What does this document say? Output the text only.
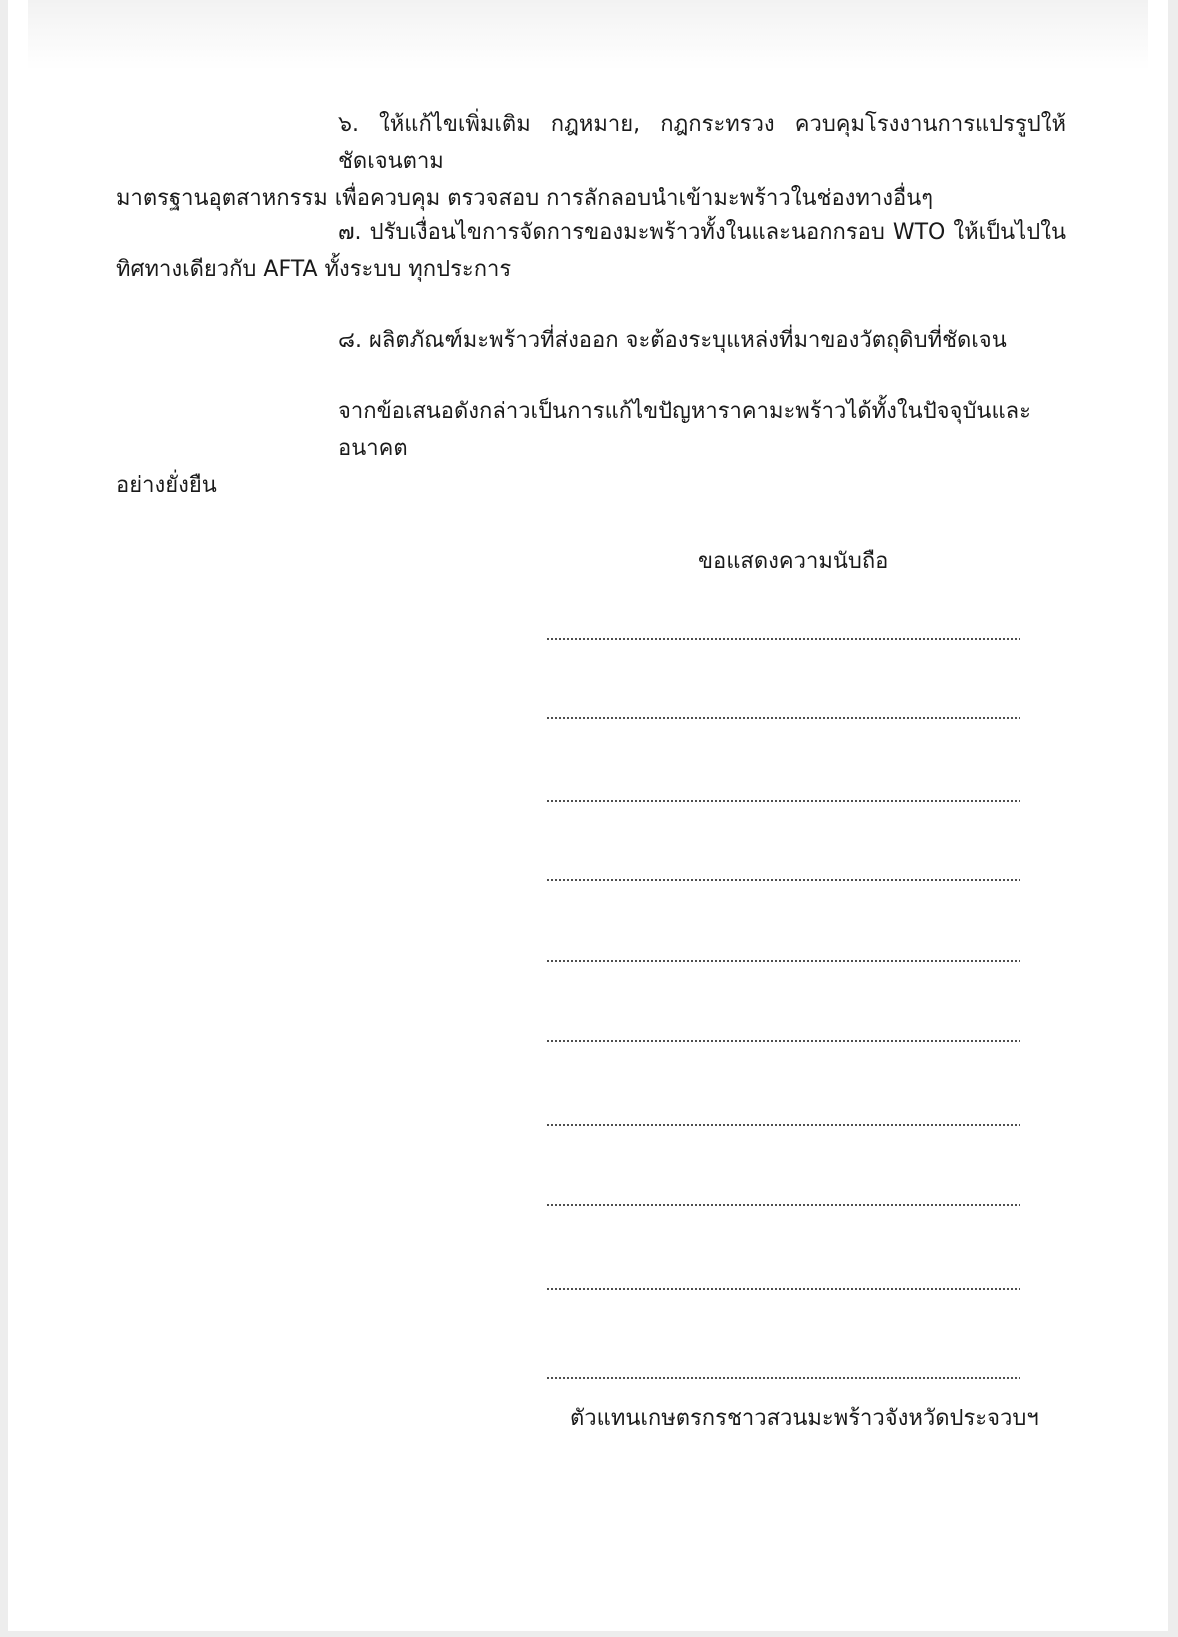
๖. ให้แก้ไขเพิ่มเติม กฎหมาย, กฎกระทรวง ควบคุมโรงงานการแปรรูปให้ชัดเจนตาม
มาตรฐานอุตสาหกรรม เพื่อควบคุม ตรวจสอบ การลักลอบนำเข้ามะพร้าวในช่องทางอื่นๆ
๗. ปรับเงื่อนไขการจัดการของมะพร้าวทั้งในและนอกกรอบ WTO ให้เป็นไปใน
ทิศทางเดียวกับ AFTA ทั้งระบบ ทุกประการ
๘. ผลิตภัณฑ์มะพร้าวที่ส่งออก จะต้องระบุแหล่งที่มาของวัตถุดิบที่ชัดเจน
จากข้อเสนอดังกล่าวเป็นการแก้ไขปัญหาราคามะพร้าวได้ทั้งในปัจจุบันและอนาคต
อย่างยั่งยืน
ขอแสดงความนับถือ
ตัวแทนเกษตรกรชาวสวนมะพร้าวจังหวัดประจวบฯ
